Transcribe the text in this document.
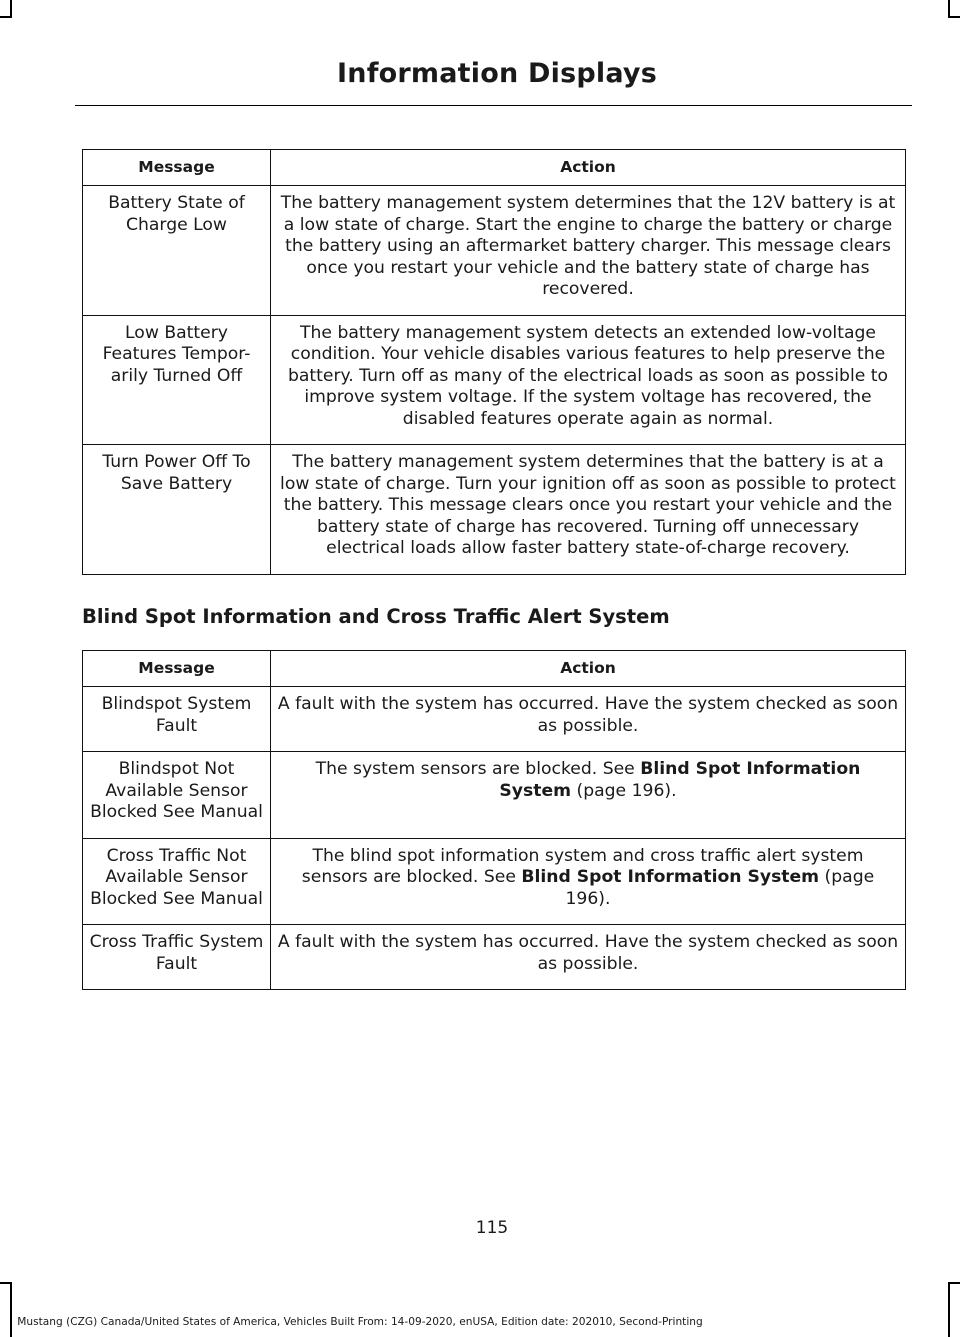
Information Displays
Message	Action
Battery State of Charge Low	The battery management system determines that the 12V battery is at a low state of charge. Start the engine to charge the battery or charge the battery using an aftermarket battery charger. This message clears once you restart your vehicle and the battery state of charge has recovered.
Low Battery Features Tempor-arily Turned Off	The battery management system detects an extended low-voltage condition. Your vehicle disables various features to help preserve the battery. Turn off as many of the electrical loads as soon as possible to improve system voltage. If the system voltage has recovered, the disabled features operate again as normal.
Turn Power Off To Save Battery	The battery management system determines that the battery is at a low state of charge. Turn your ignition off as soon as possible to protect the battery. This message clears once you restart your vehicle and the battery state of charge has recovered. Turning off unnecessary electrical loads allow faster battery state-of-charge recovery.
Blind Spot Information and Cross Traffic Alert System
Message	Action
Blindspot System Fault	A fault with the system has occurred. Have the system checked as soon as possible.
Blindspot Not Available Sensor Blocked See Manual	The system sensors are blocked. See Blind Spot Information System (page 196).
Cross Traffic Not Available Sensor Blocked See Manual	The blind spot information system and cross traffic alert system sensors are blocked. See Blind Spot Information System (page 196).
Cross Traffic System Fault	A fault with the system has occurred. Have the system checked as soon as possible.
115
Mustang (CZG) Canada/United States of America, Vehicles Built From: 14-09-2020, enUSA, Edition date: 202010, Second-Printing
